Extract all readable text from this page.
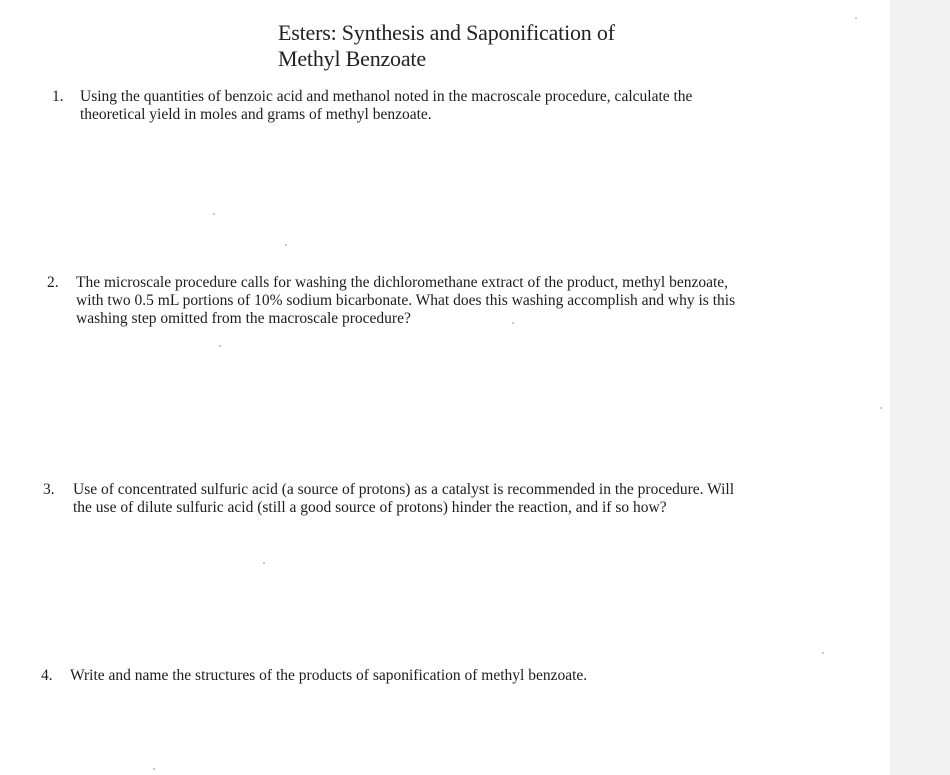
Esters: Synthesis and Saponification of
Methyl Benzoate
1. Using the quantities of benzoic acid and methanol noted in the macroscale procedure, calculate the
theoretical yield in moles and grams of methyl benzoate.
2. The microscale procedure calls for washing the dichloromethane extract of the product, methyl benzoate,
with two 0.5 mL portions of 10% sodium bicarbonate. What does this washing accomplish and why is this
washing step omitted from the macroscale procedure?
3. Use of concentrated sulfuric acid (a source of protons) as a catalyst is recommended in the procedure. Will
the use of dilute sulfuric acid (still a good source of protons) hinder the reaction, and if so how?
4. Write and name the structures of the products of saponification of methyl benzoate.
